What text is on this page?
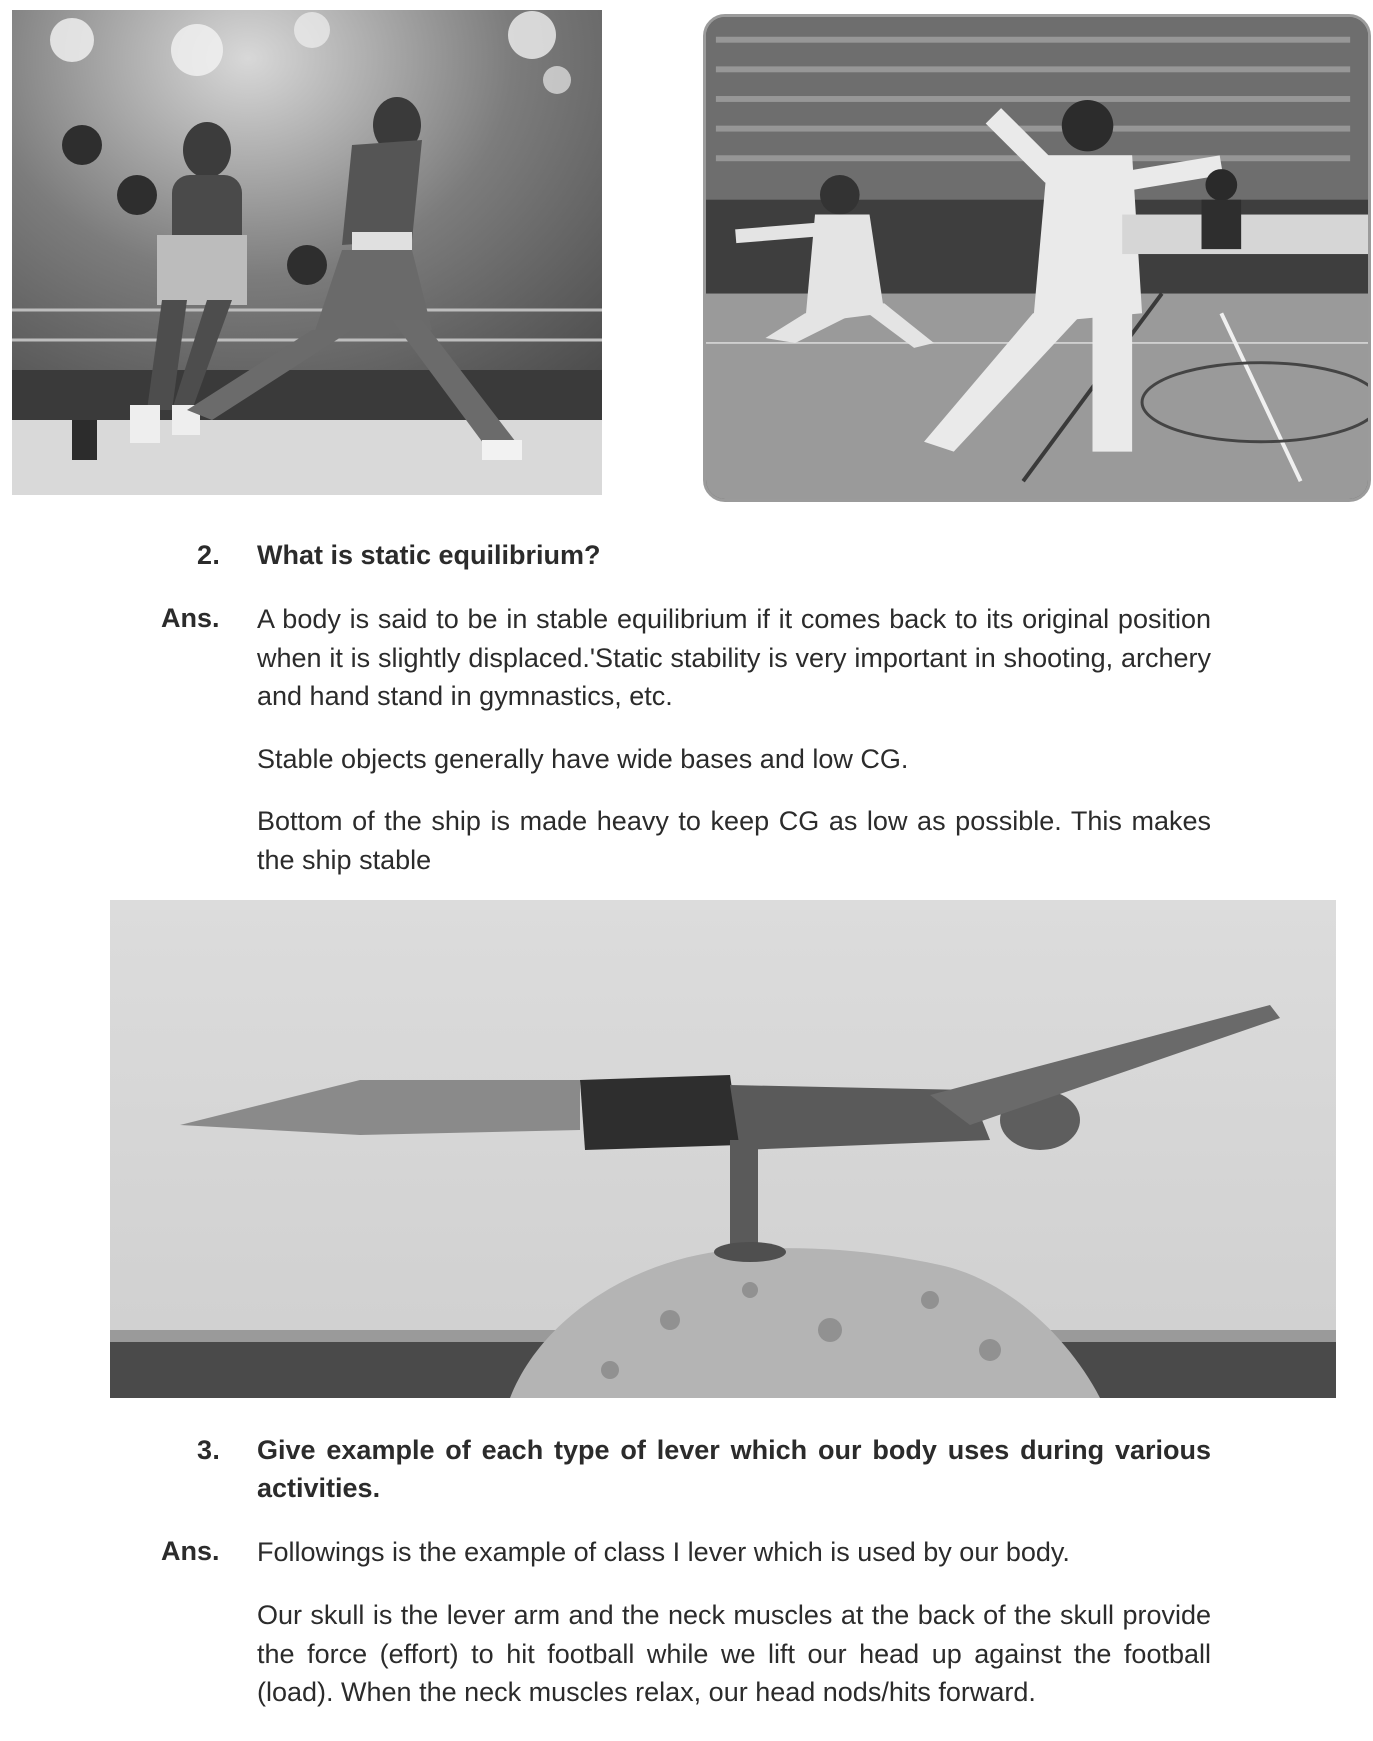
2. What is static equilibrium?
Ans. A body is said to be in stable equilibrium if it comes back to its original position when it is slightly displaced.'Static stability is very important in shooting, archery and hand stand in gymnastics, etc.
Stable objects generally have wide bases and low CG.
Bottom of the ship is made heavy to keep CG as low as possible. This makes the ship stable
3. Give example of each type of lever which our body uses during various activities.
Ans. Followings is the example of class I lever which is used by our body.
Our skull is the lever arm and the neck muscles at the back of the skull provide the force (effort) to hit football while we lift our head up against the football (load). When the neck muscles relax, our head nods/hits forward.
